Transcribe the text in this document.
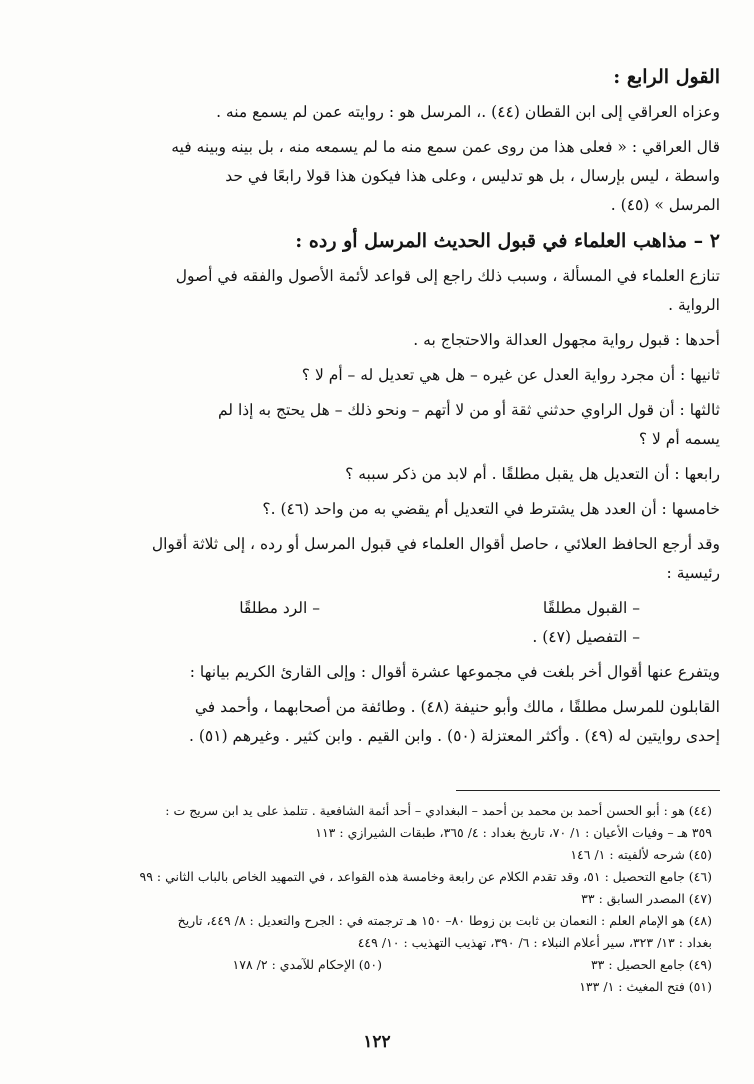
القول الرابع :

وعزاه العراقي إلى ابن القطان (٤٤) .، المرسل هو : روايته عمن لم يسمع منه .

قال العراقي : « فعلى هذا من روى عمن سمع منه ما لم يسمعه منه ، بل بينه وبينه فيه

واسطة ، ليس بإرسال ، بل هو تدليس ، وعلى هذا فيكون هذا قولا رابعًا في حد

المرسل » (٤٥) .

٢ – مذاهب العلماء في قبول الحديث المرسل أو رده :

تنازع العلماء في المسألة ، وسبب ذلك راجع إلى قواعد لأئمة الأصول والفقه في أصول

الرواية .

أحدها : قبول رواية مجهول العدالة والاحتجاج به .

ثانيها : أن مجرد رواية العدل عن غيره – هل هي تعديل له – أم لا ؟

ثالثها : أن قول الراوي حدثني ثقة أو من لا أتهم – ونحو ذلك – هل يحتج به إذا لم

يسمه أم لا ؟

رابعها : أن التعديل هل يقبل مطلقًا . أم لابد من ذكر سببه ؟

خامسها : أن العدد هل يشترط في التعديل أم يقضي به من واحد (٤٦) .؟

وقد أرجع الحافظ العلائي ، حاصل أقوال العلماء في قبول المرسل أو رده ، إلى ثلاثة أقوال

رئيسية :

– القبول مطلقًا
– الرد مطلقًا
– التفصيل (٤٧) .

ويتفرع عنها أقوال أخر بلغت في مجموعها عشرة أقوال : وإلى القارئ الكريم بيانها :

القابلون للمرسل مطلقًا ، مالك وأبو حنيفة (٤٨) . وطائفة من أصحابهما ، وأحمد في

إحدى روايتين له (٤٩) . وأكثر المعتزلة (٥٠) . وابن القيم . وابن كثير . وغيرهم (٥١) .

(٤٤) هو : أبو الحسن أحمد بن محمد بن أحمد – البغدادي – أحد أئمة الشافعية . تتلمذ على يد ابن سريج ت :

٣٥٩ هـ – وفيات الأعيان : ١/ ٧٠، تاريخ بغداد : ٤/ ٣٦٥، طبقات الشيرازي : ١١٣

(٤٥) شرحه لألفيته : ١/ ١٤٦

(٤٦) جامع التحصيل : ٥١، وقد تقدم الكلام عن رابعة وخامسة هذه القواعد ، في التمهيد الخاص بالباب الثاني : ٩٩

(٤٧) المصدر السابق : ٣٣

(٤٨) هو الإمام العلم : النعمان بن ثابت بن زوطا ٨٠– ١٥٠ هـ ترجمته في : الجرح والتعديل : ٨/ ٤٤٩، تاريخ

بغداد : ١٣/ ٣٢٣، سير أعلام النبلاء : ٦/ ٣٩٠، تهذيب التهذيب : ١٠/ ٤٤٩

(٤٩) جامع الحصيل : ٣٣
(٥٠) الإحكام للآمدي : ٢/ ١٧٨

(٥١) فتح المغيث : ١/ ١٣٣

١٢٢
